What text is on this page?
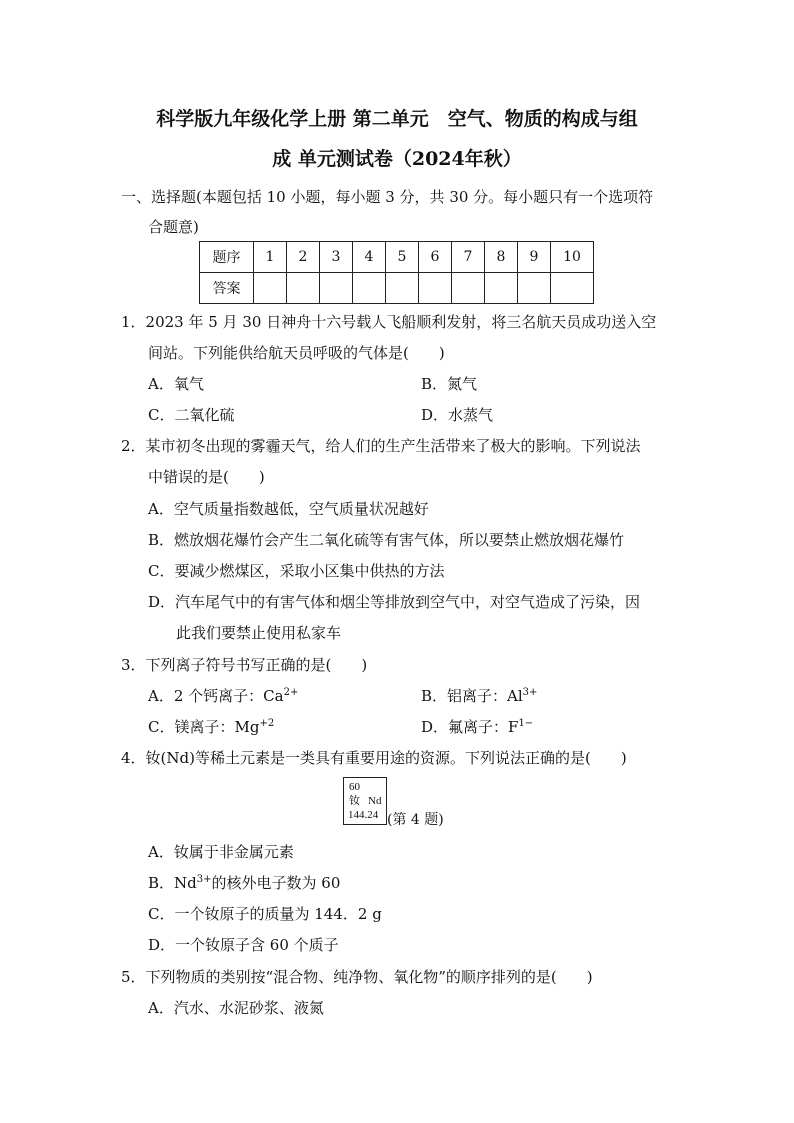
科学版九年级化学上册 第二单元　空气、物质的构成与组
成 单元测试卷（2024年秋）
一、选择题(本题包括 10 小题，每小题 3 分，共 30 分。每小题只有一个选项符
合题意)
题序	1	2	3	4	5	6	7	8	9	10
答案										
1．2023 年 5 月 30 日神舟十六号载人飞船顺利发射，将三名航天员成功送入空
间站。下列能供给航天员呼吸的气体是(　　)
A．氧气	B．氮气
C．二氧化硫	D．水蒸气
2．某市初冬出现的雾霾天气，给人们的生产生活带来了极大的影响。下列说法
中错误的是(　　)
A．空气质量指数越低，空气质量状况越好
B．燃放烟花爆竹会产生二氧化硫等有害气体，所以要禁止燃放烟花爆竹
C．要减少燃煤区，采取小区集中供热的方法
D．汽车尾气中的有害气体和烟尘等排放到空气中，对空气造成了污染，因
此我们要禁止使用私家车
3．下列离子符号书写正确的是(　　)
A．2 个钙离子：$Ca^{2+}$	B．铝离子：$Al^{3+}$
C．镁离子：$Mg^{+2}$	D．氟离子：$F^{1-}$
4．钕(Nd)等稀土元素是一类具有重要用途的资源。下列说法正确的是(　　)
60
钕 Nd
144.24 (第 4 题)
A．钕属于非金属元素
B．$Nd^{3+}$的核外电子数为 60
C．一个钕原子的质量为 144．2 g
D．一个钕原子含 60 个质子
5．下列物质的类别按“混合物、纯净物、氧化物”的顺序排列的是(　　)
A．汽水、水泥砂浆、液氮
